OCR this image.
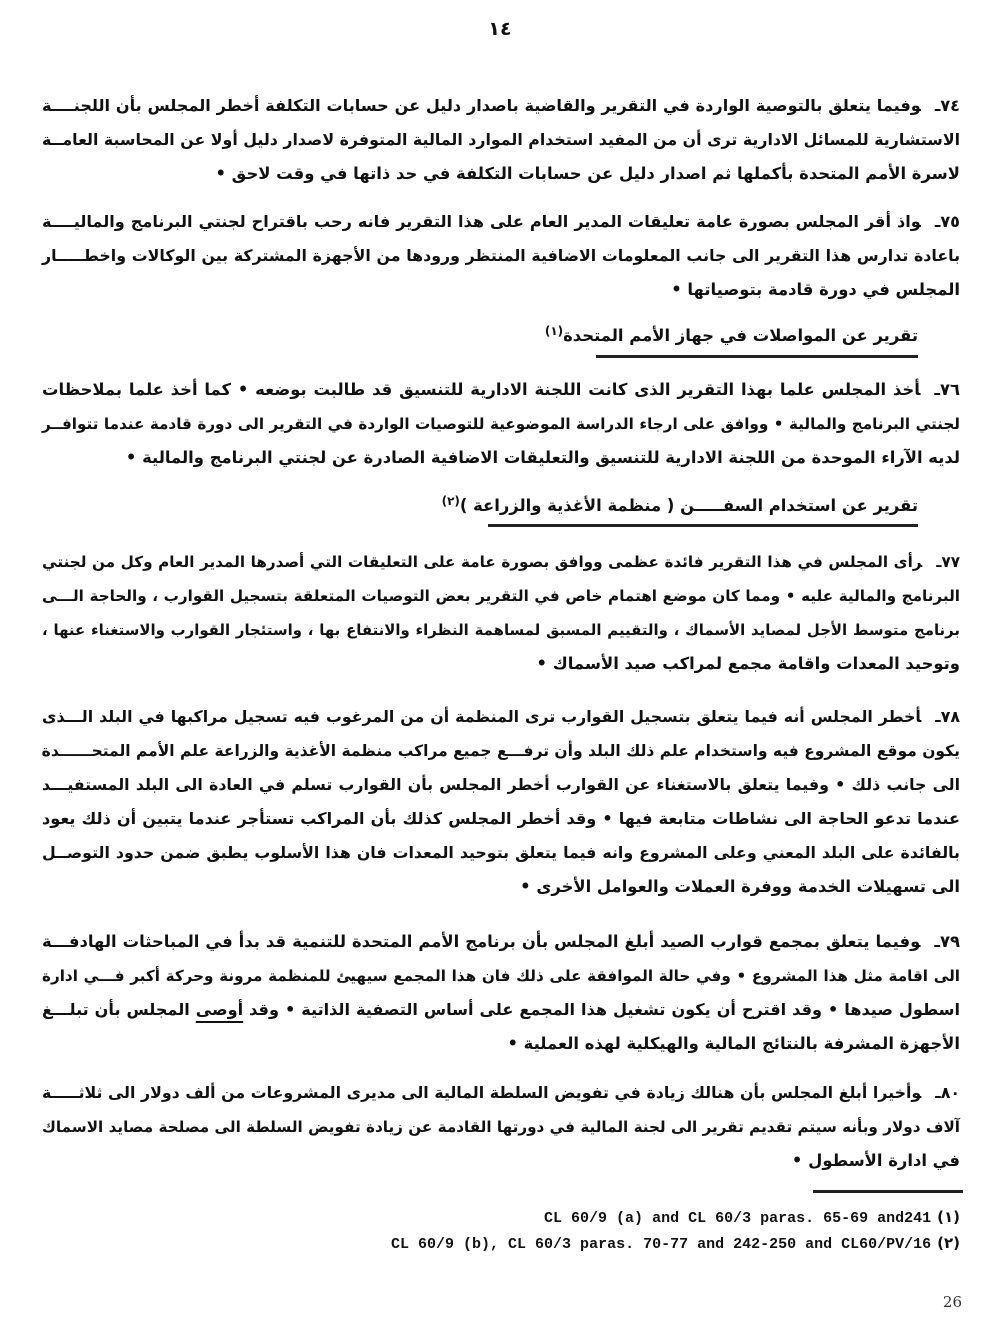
١٤
٧٤ـوفيما يتعلق بالتوصية الواردة في التقرير والقاضية باصدار دليل عن حسابات التكلفة أخطر المجلس بأن اللجنــــة
الاستشارية للمسائل الادارية ترى أن من المفيد استخدام الموارد المالية المتوفرة لاصدار دليل أولا عن المحاسبة العامــة
لاسرة الأمم المتحدة بأكملها ثم اصدار دليل عن حسابات التكلفة في حد ذاتها في وقت لاحق •
٧٥ـواذ أقر المجلس بصورة عامة تعليقات المدير العام على هذا التقرير فانه رحب باقتراح لجنتي البرنامج والماليــــة
باعادة تدارس هذا التقرير الى جانب المعلومات الاضافية المنتظر ورودها من الأجهزة المشتركة بين الوكالات واخطـــــار
المجلس في دورة قادمة بتوصياتها •
تقرير عن المواصلات في جهاز الأمم المتحدة$^{(١)}$
٧٦ـأخذ المجلس علما بهذا التقرير الذى كانت اللجنة الادارية للتنسيق قد طالبت بوضعه • كما أخذ علما بملاحظات
لجنتي البرنامج والمالية • ووافق على ارجاء الدراسة الموضوعية للتوصيات الواردة في التقرير الى دورة قادمة عندما تتوافــر
لديه الآراء الموحدة من اللجنة الادارية للتنسيق والتعليقات الاضافية الصادرة عن لجنتي البرنامج والمالية •
تقرير عن استخدام السفـــــن ( منظمة الأغذية والزراعة )$^{(٢)}$
٧٧ـرأى المجلس في هذا التقرير فائدة عظمى ووافق بصورة عامة على التعليقات التي أصدرها المدير العام وكل من لجنتي
البرنامج والمالية عليه • ومما كان موضع اهتمام خاص في التقرير بعض التوصيات المتعلقة بتسجيل القوارب ، والحاجة الـــى
برنامج متوسط الأجل لمصايد الأسماك ، والتقييم المسبق لمساهمة النظراء والانتفاع بها ، واستئجار القوارب والاستغناء عنها ،
وتوحيد المعدات واقامة مجمع لمراكب صيد الأسماك •
٧٨ـأخطر المجلس أنه فيما يتعلق بتسجيل القوارب ترى المنظمة أن من المرغوب فيه تسجيل مراكبها في البلد الـــذى
يكون موقع المشروع فيه واستخدام علم ذلك البلد وأن ترفـــع جميع مراكب منظمة الأغذية والزراعة علم الأمم المتحــــــدة
الى جانب ذلك • وفيما يتعلق بالاستغناء عن القوارب أخطر المجلس بأن القوارب تسلم في العادة الى البلد المستفيـــد
عندما تدعو الحاجة الى نشاطات متابعة فيها • وقد أخطر المجلس كذلك بأن المراكب تستأجر عندما يتبين أن ذلك يعود
بالفائدة على البلد المعني وعلى المشروع وانه فيما يتعلق بتوحيد المعدات فان هذا الأسلوب يطبق ضمن حدود التوصــل
الى تسهيلات الخدمة ووفرة العملات والعوامل الأخرى •
٧٩ـوفيما يتعلق بمجمع قوارب الصيد أبلغ المجلس بأن برنامج الأمم المتحدة للتنمية قد بدأ في المباحثات الهادفـــة
الى اقامة مثل هذا المشروع • وفي حالة الموافقة على ذلك فان هذا المجمع سيهيئ للمنظمة مرونة وحركة أكبر فـــي ادارة
اسطول صيدها • وقد اقترح أن يكون تشغيل هذا المجمع على أساس التصفية الذاتية • وقد أوصى المجلس بأن تبلـــغ
الأجهزة المشرفة بالنتائج المالية والهيكلية لهذه العملية •
٨٠ـوأخيرا أبلغ المجلس بأن هنالك زيادة في تفويض السلطة المالية الى مديرى المشروعات من ألف دولار الى ثلاثـــــة
آلاف دولار وبأنه سيتم تقديم تقرير الى لجنة المالية في دورتها القادمة عن زيادة تفويض السلطة الى مصلحة مصايد الاسماك
في ادارة الأسطول •
CL 60/9 (a) and CL 60/3 paras. 65-69 and241 (١)
CL 60/9 (b), CL 60/3 paras. 70-77 and 242-250 and CL60/PV/16 (٢)
26
